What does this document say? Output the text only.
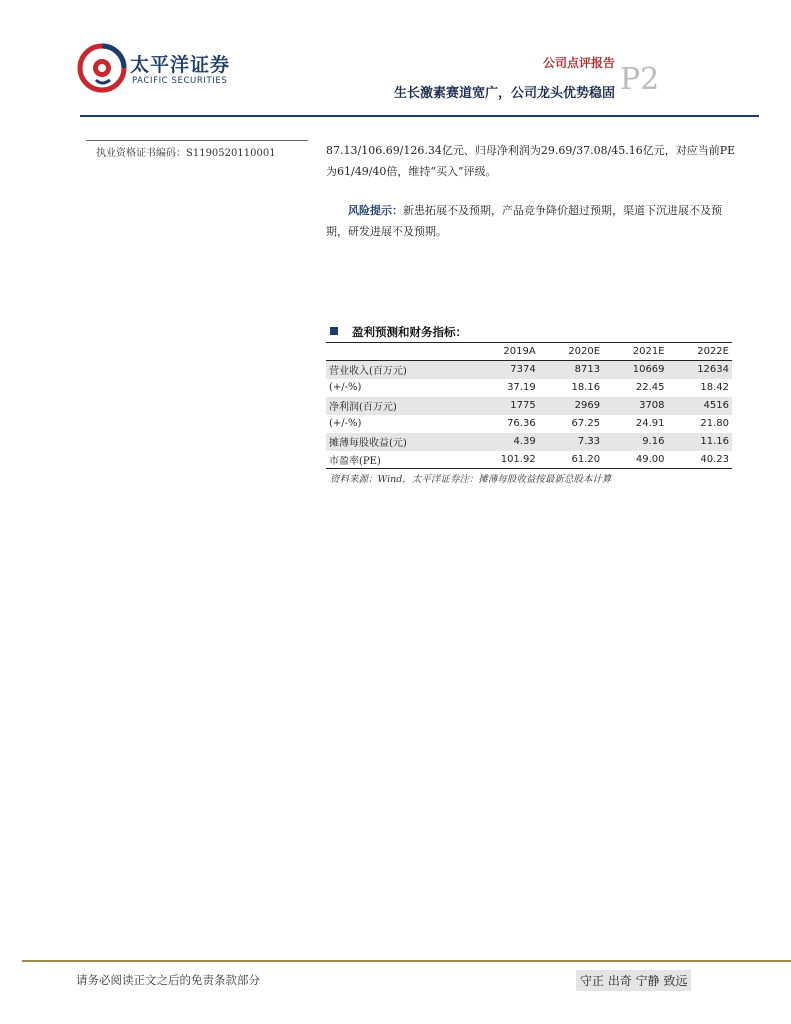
太平洋证券
PACIFIC SECURITIES
公司点评报告
生长激素赛道宽广，公司龙头优势稳固 P2
执业资格证书编码：S1190520110001	87.13/106.69/126.34亿元、归母净利润为29.69/37.08/45.16亿元，对应当前PE为61/49/40倍，维持“买入”评级。

风险提示：新患拓展不及预期，产品竞争降价超过预期，渠道下沉进展不及预期，研发进展不及预期。

盈利预测和财务指标：
	2019A	2020E	2021E	2022E
营业收入(百万元)	7374	8713	10669	12634
(+/-%)	37.19	18.16	22.45	18.42
净利润(百万元)	1775	2969	3708	4516
(+/-%)	76.36	67.25	24.91	21.80
摊薄每股收益(元)	4.39	7.33	9.16	11.16
市盈率(PE)	101.92	61.20	49.00	40.23
资料来源：Wind，太平洋证券注：摊薄每股收益按最新总股本计算
请务必阅读正文之后的免责条款部分	守正 出奇 宁静 致远
